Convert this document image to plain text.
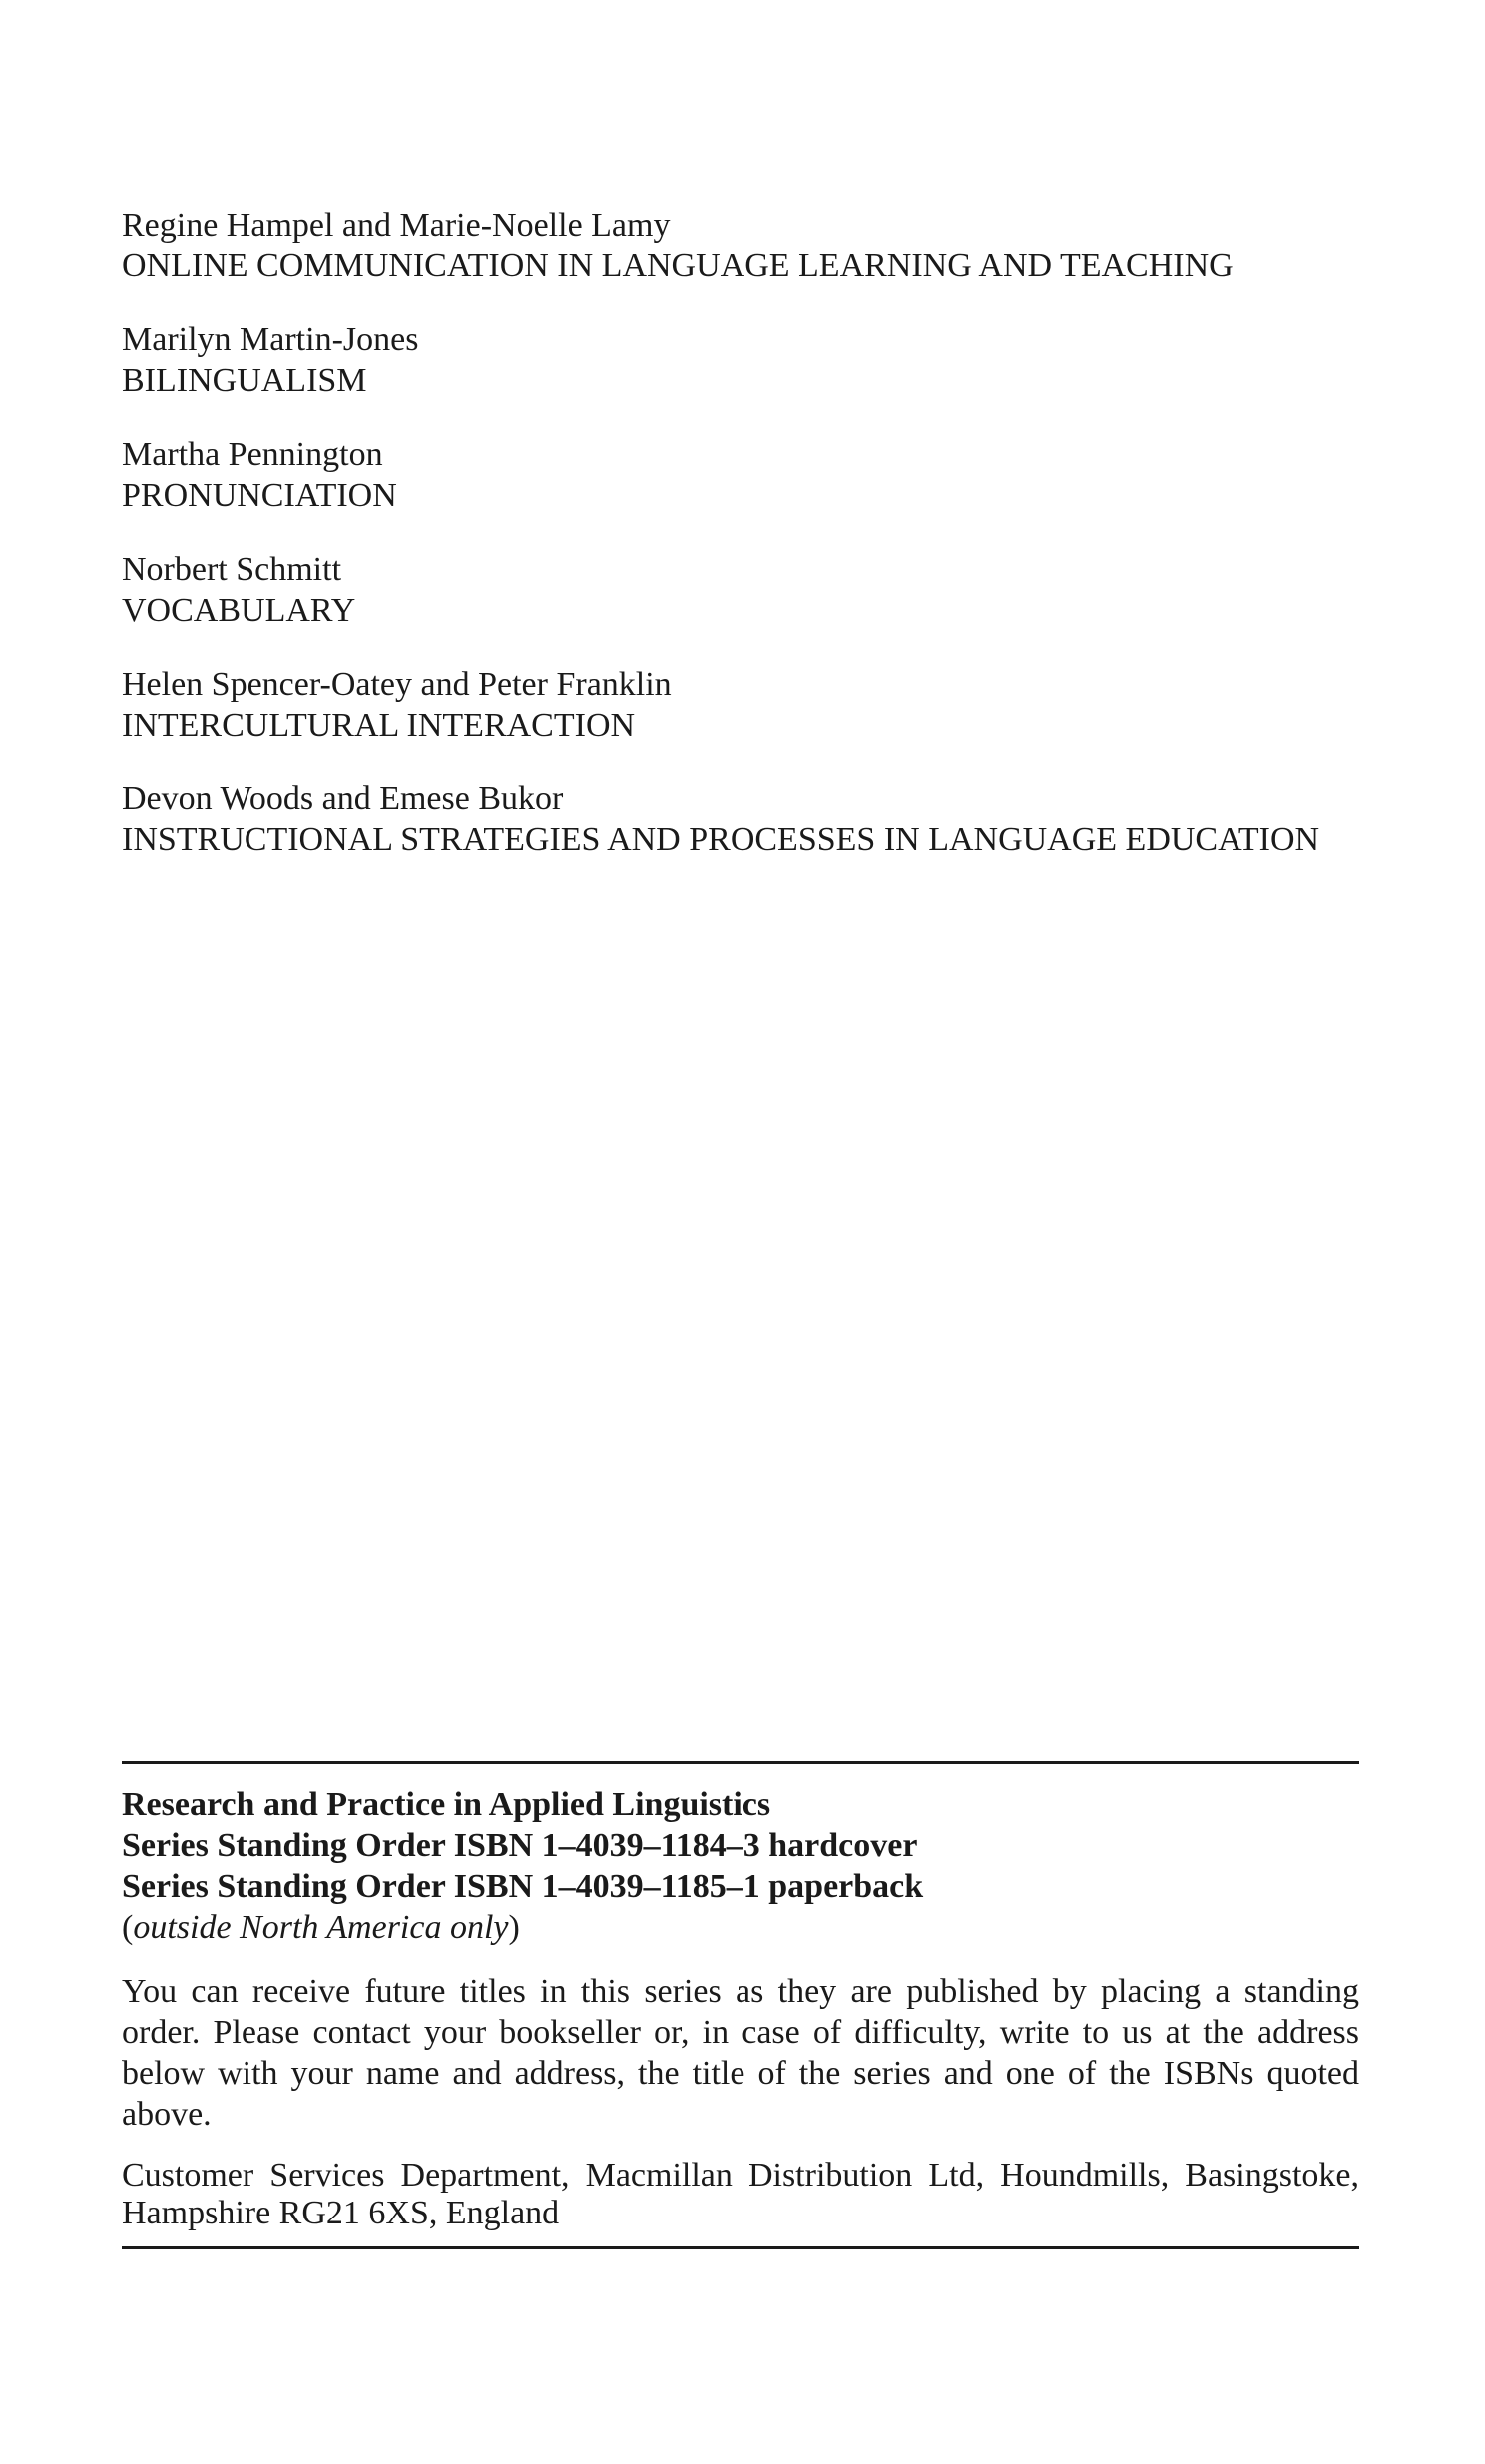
Regine Hampel and Marie-Noelle Lamy
ONLINE COMMUNICATION IN LANGUAGE LEARNING AND TEACHING
Marilyn Martin-Jones
BILINGUALISM
Martha Pennington
PRONUNCIATION
Norbert Schmitt
VOCABULARY
Helen Spencer-Oatey and Peter Franklin
INTERCULTURAL INTERACTION
Devon Woods and Emese Bukor
INSTRUCTIONAL STRATEGIES AND PROCESSES IN LANGUAGE EDUCATION
Research and Practice in Applied Linguistics
Series Standing Order ISBN 1–4039–1184–3 hardcover
Series Standing Order ISBN 1–4039–1185–1 paperback
(outside North America only)

You can receive future titles in this series as they are published by placing a standing order. Please contact your bookseller or, in case of difficulty, write to us at the address below with your name and address, the title of the series and one of the ISBNs quoted above.

Customer Services Department, Macmillan Distribution Ltd, Houndmills, Basingstoke, Hampshire RG21 6XS, England
